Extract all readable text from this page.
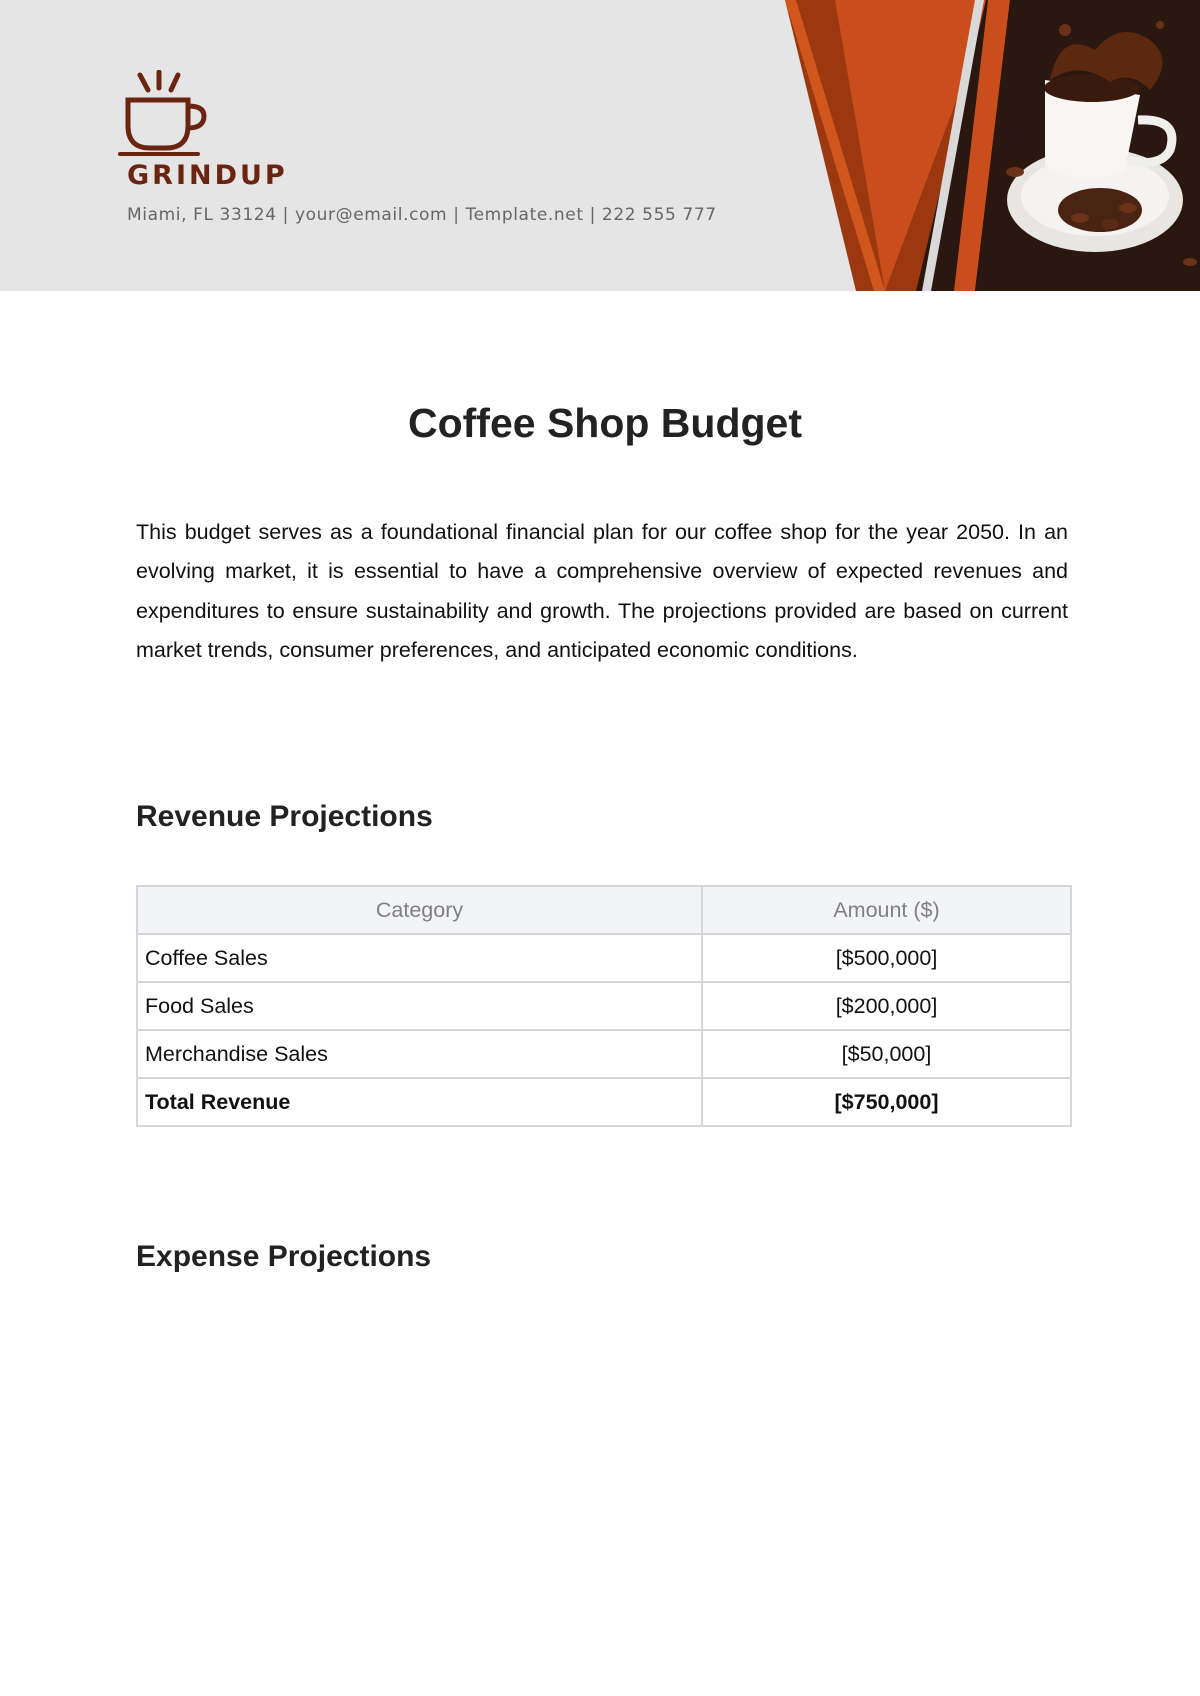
GRINDUP
Miami, FL 33124 | your@email.com | Template.net | 222 555 777
Coffee Shop Budget

This budget serves as a foundational financial plan for our coffee shop for the year 2050. In an evolving market, it is essential to have a comprehensive overview of expected revenues and expenditures to ensure sustainability and growth. The projections provided are based on current market trends, consumer preferences, and anticipated economic conditions.

Revenue Projections
Category	Amount ($)
Coffee Sales	[$500,000]
Food Sales	[$200,000]
Merchandise Sales	[$50,000]
Total Revenue	[$750,000]
Expense Projections
